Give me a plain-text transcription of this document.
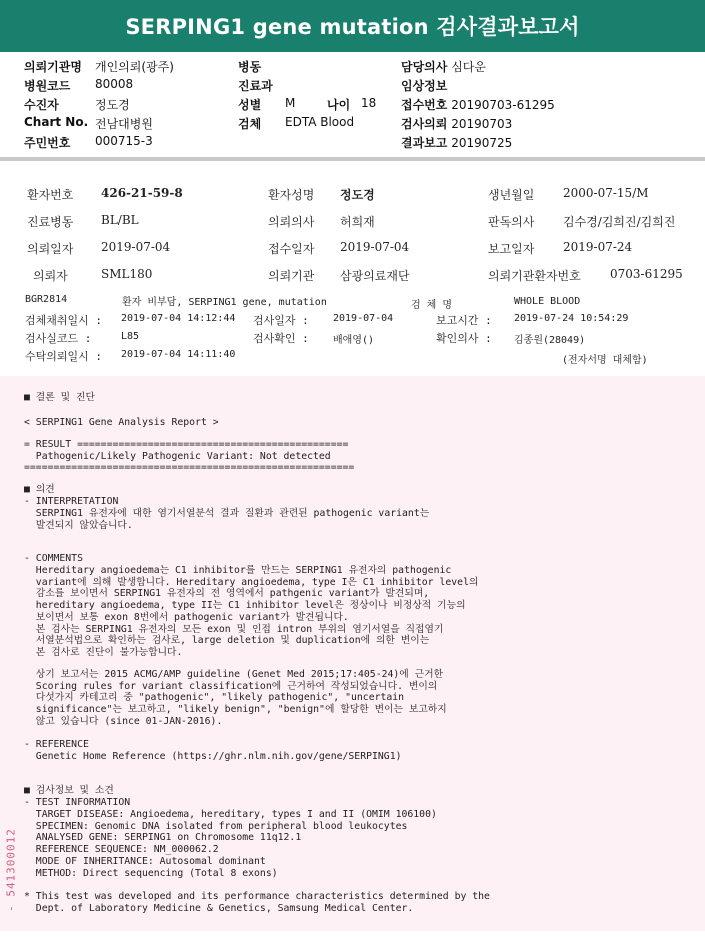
SERPING1 gene mutation 검사결과보고서
의뢰기관명 개인의뢰(광주)
병원코드 80008
수진자	정도경
Chart No. 전남대병원
주민번호 000715-3
병동
진료과
성별 M	나이 18
검체 EDTA Blood
담당의사 심다운
임상정보
접수번호 20190703-61295
검사의뢰 20190703
결과보고 20190725
환자번호 426-21-59-8	환자성명 정도경	생년월일 2000-07-15/M
진료병동 BL/BL	의뢰의사 허희재	판독의사 김수경/김희진/김희진
의뢰일자 2019-07-04	접수일자 2019-07-04	보고일자 2019-07-24
의뢰자	SML180	의뢰기관 삼광의료재단	의뢰기관환자번호 0703-61295
BGR2814	환자 비부담, SERPING1 gene, mutation	검 체 명	WHOLE BLOOD
검체채취일시 : 2019-07-04 14:12:44 검사일자 : 2019-07-04	보고시간 : 2019-07-24 10:54:29
검사실코드 :	L85	검사확인 : 배애영()	확인의사 : 김종원(28049)
수탁의뢰일시 : 2019-07-04 14:11:40
(전자서명 대체함)
■ 결론 및 진단
< SERPING1 Gene Analysis Report >
= RESULT ==============================================
Pathogenic/Likely Pathogenic Variant: Not detected
========================================================
■ 의견
- INTERPRETATION
SERPING1 유전자에 대한 염기서열분석 결과 질환과 관련된 pathogenic variant는
발견되지 않았습니다.
- COMMENTS
Hereditary angioedema는 C1 inhibitor를 만드는 SERPING1 유전자의 pathogenic
variant에 의해 발생합니다. Hereditary angioedema, type I은 C1 inhibitor level의
감소를 보이면서 SERPING1 유전자의 전 영역에서 pathgenic variant가 발견되며,
hereditary angioedema, type II는 C1 inhibitor level은 정상이나 비정상적 기능의
보이면서 보통 exon 8번에서 pathogenic variant가 발견됩니다.
본 검사는 SERPING1 유전자의 모든 exon 및 인접 intron 부위의 염기서열을 직접염기
서열분석법으로 확인하는 검사로, large deletion 및 duplication에 의한 변이는
본 검사로 진단이 불가능합니다.
상기 보고서는 2015 ACMG/AMP guideline (Genet Med 2015;17:405-24)에 근거한
Scoring rules for variant classification에 근거하여 작성되었습니다. 변이의
다섯가지 카테고리 중 "pathogenic", "likely pathogenic", "uncertain
significance"는 보고하고, "likely benign", "benign"에 할당한 변이는 보고하지
않고 있습니다 (since 01-JAN-2016).
- REFERENCE
Genetic Home Reference (https://ghr.nlm.nih.gov/gene/SERPING1)
■ 검사정보 및 소견
- TEST INFORMATION
TARGET DISEASE: Angioedema, hereditary, types I and II (OMIM 106100)
SPECIMEN: Genomic DNA isolated from peripheral blood leukocytes
ANALYSED GENE: SERPING1 on Chromosome 11q12.1
REFERENCE SEQUENCE: NM_000062.2
MODE OF INHERITANCE: Autosomal dominant
METHOD: Direct sequencing (Total 8 exons)
* This test was developed and its performance characteristics determined by the
Dept. of Laboratory Medicine & Genetics, Samsung Medical Center.
- 541300012
